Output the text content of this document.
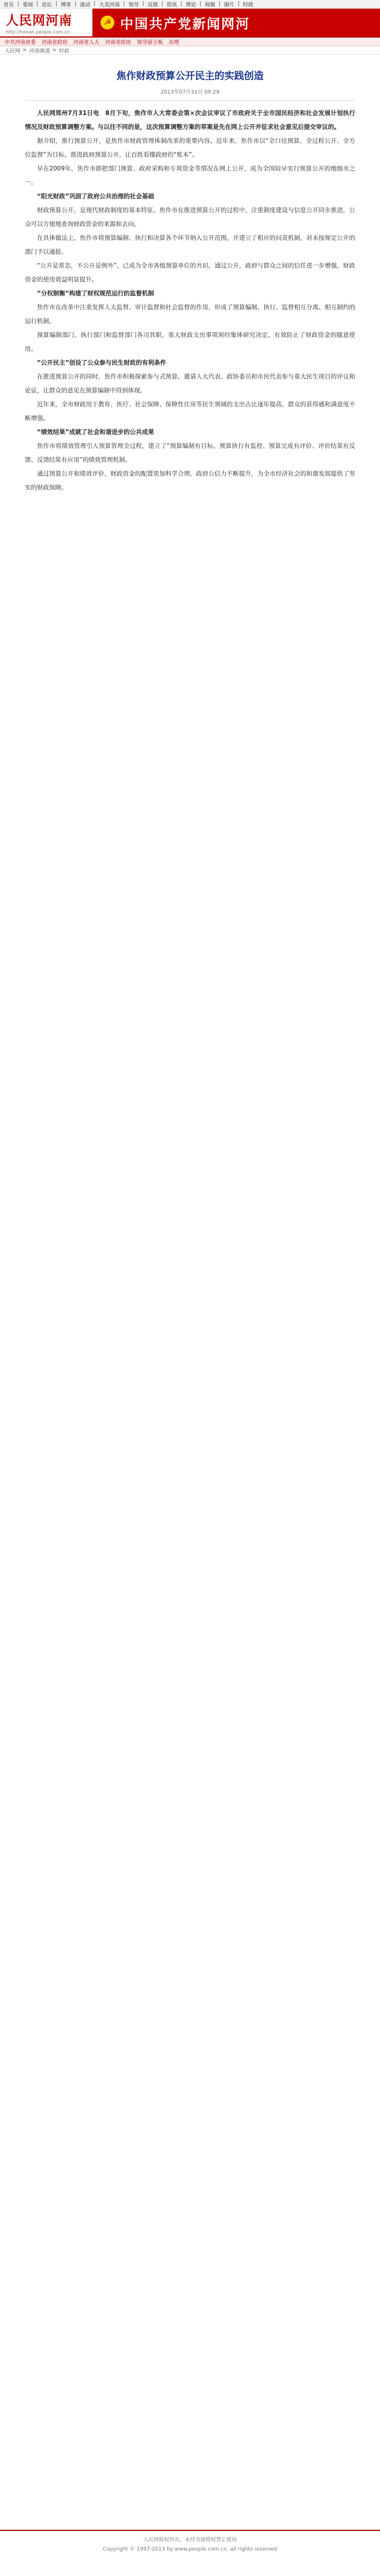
首页 | 要闻 | 论坛 | 博客 | 滚动 | 大美河南 | 领导 | 反腐 | 资讯 | 理论 | 视频 | 图片 | 时政
人民网河南
http://henan.people.com.cn
☭ 中国共产党新闻网河
中共河南省委 河南省政府 河南省人大 河南省政协 领导留言板 治理
人民网 > 河南频道 > 时政
焦作财政预算公开民主的实践创造
2013年07月31日 09:29

人民网郑州7月31日电　8月下旬，焦作市人大常委会第×次会议审议了市政府关于全市国民经济和社会发展计划执行情况及财政预算调整方案。与以往不同的是，这次预算调整方案的草案是先在网上公开并征求社会意见后提交审议的。

据介绍，推行预算公开，是焦作市财政管理体制改革的重要内容。近年来，焦作市以“全口径预算、全过程公开、全方位监督”为目标，推进政府预算公开，让百姓看懂政府的“账本”。

早在2009年，焦作市即把部门预算、政府采购和专项资金等情况在网上公开，成为全国较早实行预算公开的地级市之一。

“阳光财政”巩固了政府公共治理的社会基础

财政预算公开，是现代财政制度的基本特征。焦作市在推进预算公开的过程中，注重制度建设与信息公开同步推进，公众可以方便地查询财政资金的来源和去向。

在具体做法上，焦作市将预算编制、执行和决算各个环节纳入公开范围，并建立了相应的问责机制，对未按规定公开的部门予以通报。

“公开是常态，不公开是例外”，已成为全市各级预算单位的共识。通过公开，政府与群众之间的信任进一步增强，财政资金的使用效益明显提升。

“分权制衡”构建了财权规范运行的监督机制

焦作市在改革中注重发挥人大监督、审计监督和社会监督的作用，形成了预算编制、执行、监督相互分离、相互制约的运行机制。

预算编制部门、执行部门和监督部门各司其职，重大财政支出事项须经集体研究决定，有效防止了财政资金的随意使用。

“公开民主”创设了公众参与民生财政的有利条件

在推进预算公开的同时，焦作市积极探索参与式预算，邀请人大代表、政协委员和市民代表参与重大民生项目的评议和论证，让群众的意见在预算编制中得到体现。

近年来，全市财政用于教育、医疗、社会保障、保障性住房等民生领域的支出占比逐年提高，群众的获得感和满意度不断增强。

“绩效结果”成就了社会和谐进步的公共成果

焦作市将绩效管理引入预算管理全过程，建立了“预算编制有目标、预算执行有监控、预算完成有评价、评价结果有反馈、反馈结果有应用”的绩效管理机制。

通过预算公开和绩效评价，财政资金的配置更加科学合理，政府公信力不断提升，为全市经济社会的和谐发展提供了坚实的财政保障。

人民网版权所有，未经书面授权禁止使用
Copyright © 1997-2013 by www.people.com.cn. all rights reserved
